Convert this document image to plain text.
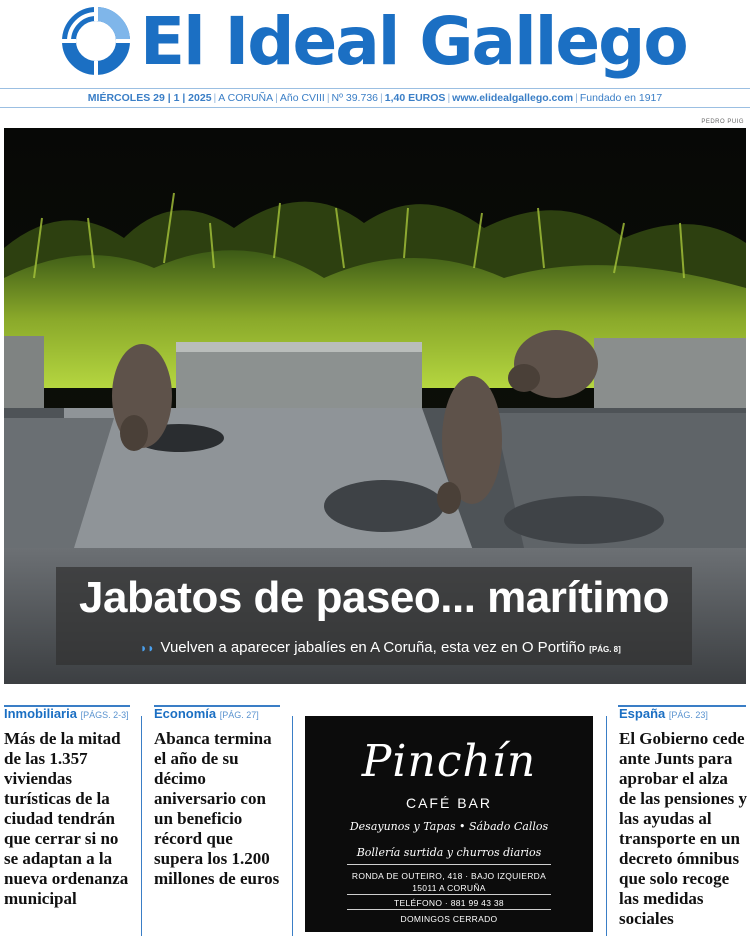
El Ideal Gallego
MIÉRCOLES 29 | 1 | 2025 | A CORUÑA | Año CVIII | Nº 39.736 | 1,40 EUROS | www.elidealgallego.com | Fundado en 1917
PEDRO PUIG
Jabatos de paseo... marítimo
◗◗ Vuelven a aparecer jabalíes en A Coruña, esta vez en O Portiño [PÁG. 8]
Inmobiliaria [PÁGS. 2-3]
Más de la mitad de las 1.357 viviendas turísticas de la ciudad tendrán que cerrar si no se adaptan a la nueva ordenanza municipal
Economía [PÁG. 27]
Abanca termina el año de su décimo aniversario con un beneficio récord que supera los 1.200 millones de euros
España [PÁG. 23]
El Gobierno cede ante Junts para aprobar el alza de las pensiones y las ayudas al transporte en un decreto ómnibus que solo recoge las medidas sociales
Pinchín
CAFÉ BAR
Desayunos y Tapas • Sábado Callos
Bollería surtida y churros diarios
RONDA DE OUTEIRO, 418 · BAJO IZQUIERDA
15011 A CORUÑA
TELÉFONO · 881 99 43 38
DOMINGOS CERRADO
